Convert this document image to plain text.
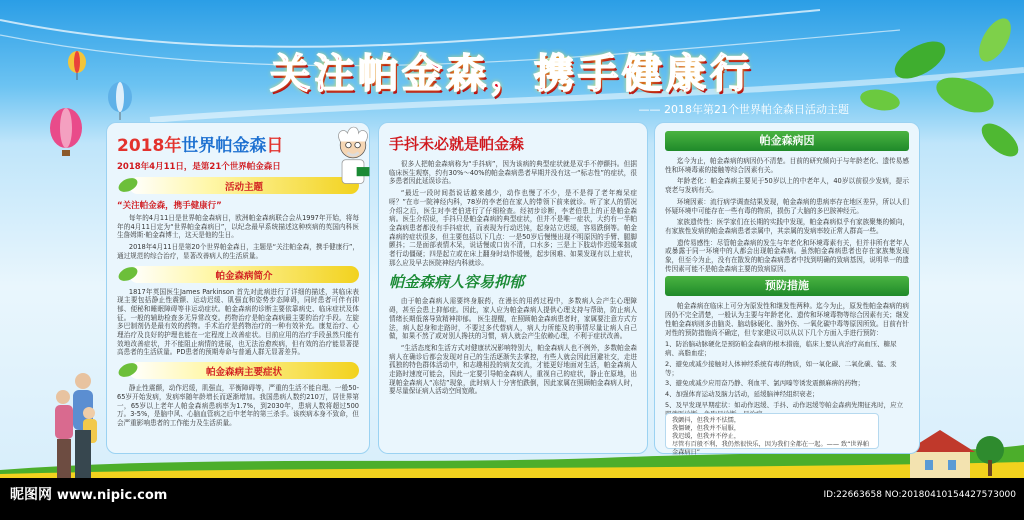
关注帕金森，携手健康行
—— 2018年第21个世界帕金森日活动主题
2018年世界帕金森日
2018年4月11日，是第21个世界帕金森日
活动主题
“关注帕金森，携手健康行”

每年的4月11日是世界帕金森病日，欧洲帕金森病联合会从1997年开始，将每年的4月11日定为“世界帕金森病日”，以纪念最早系统描述这种疾病的英国内科医生詹姆斯·帕金森博士，这天是他的生日。

2018年4月11日是第20个世界帕金森日，主题是“关注帕金森，携手健康行”，通过规范的综合治疗，显著改善病人的生活质量。

帕金森病简介

1817年英国医生James Parkinson 首先对此病进行了详细的描述，其临床表现主要包括静止性震颤、运动迟缓、肌强直和姿势步态障碍，同时患者可伴有抑郁、便秘和睡眠障碍等非运动症状。帕金森病的诊断主要依靠病史、临床症状及体征。一般的辅助检查多无异常改变。药物治疗是帕金森病最主要的治疗手段。左旋多巴制剂仍是最有效的药物。手术治疗是药物治疗的一种有效补充。康复治疗、心理治疗及良好的护理也能在一定程度上改善症状。目前应用的治疗手段虽然只能有效地改善症状，并不能阻止病情的进展，也无法治愈疾病，但有效的治疗能显著提高患者的生活质量。PD患者的预期寿命与普通人群无显著差异。

帕金森病主要症状

静止性震颤，动作迟缓，肌强直，平衡障碍等，严重的生活不能自理。一般50-65岁开始发病，发病率随年龄增长而逐渐增加。我国患病人数约210万，居世界第一，65岁以上老年人帕金森病患病率为1.7%，到2030年，患病人数将超过500万。3-5%，是脑中风、心脑血管病之后中老年的第三杀手。该疾病本身不致命，但会严重影响患者的工作能力及生活质量。

手抖未必就是帕金森

很多人把帕金森病称为“手抖病”，因为该病的典型症状就是双手不停颤抖。但据临床医生观察，约有30%～40%的帕金森病患者早期并没有这一“标志性”的症状，很多患者因此延误诊治。

“最近一段时间指说话越来越少，动作也慢了不少，是不是得了老年痴呆症呀？”在市一院神经内科，78岁的李老伯在家人的带领下前来就诊。听了家人的情况介绍之后，医生对李老伯进行了仔细检查。经初步诊断，李老伯患上的正是帕金森病。医生介绍说，手抖只是帕金森病的典型症状，但并不是唯一症状，大约有一半帕金森病患者都没有手抖症状，而表现为行动迟钝，起身站立迟缓，容易跌倒等。帕金森病的症状很多，但主要包括以下几点：一是50岁后慢慢出现不明原因的手臂、腿脚颤抖；二是面部表情木呆，说话慢或口齿不清，口水多；三是上下肢动作迟缓笨拙或者行动僵硬；四是起立或在床上翻身时动作缓慢，起步困难、如果发现有以上症状，那么应及早去医院神经内科就诊。

帕金森病人容易抑郁

由于帕金森病人需要终身服药，在漫长的用药过程中，多数病人会产生心理障碍，甚至会患上抑郁症。因此，家人应为帕金森病人提供心理支持与帮助，防止病人情绪长期低落导致精神抑郁。 医生提醒，在照顾帕金森病患者时，家属要注意方式方法，病人起身和走路时，不要过多代替病人，病人力所能及的事情尽量让病人自己做，如果不然了或对别人搀扶的习惯，病人就会产生依赖心理，不利于症状改善。

“生活态度和生活方式对健康状况影响特别大，帕金森病人也不例外，多数帕金森病人在确诊后都会发现对自己的生活逐渐失去掌控，有些人就会因此回避社交，走进孤独的特色群体活动中，和志趣相投的病友交流，才能更好地面对生活，帕金森病人走路时速度可能会，因此一定要引导帕金森病人，重视自己的症状，静止在原地，出现帕金森病人“冻结”现象，此时病人十分害怕跌倒，因此家属在照顾帕金森病人时，要尽量保证病人活动空间宽敞。

帕金森病因

迄今为止，帕金森病的病因仍不清楚。目前的研究倾向于与年龄老化、遗传易感性和环境毒素的接触等综合因素有关。

年龄老化：帕金森病主要见于50岁以上的中老年人，40岁以前很少发病，提示衰老与发病有关。

环境因素：流行病学调查结果发现，帕金森病的患病率存在地区差异，所以人们怀疑环境中可能存在一些有毒的物质，损伤了大脑的多巴胺神经元。

家族遗传性：医学家们在长期的实践中发现，帕金森病似乎有家族聚集的倾向，有家族性发病的帕金森病患者亲属中，其亲属的发病率较正常人群高一些。

遗传易感性：尽管帕金森病的发生与年老化和环境毒素有关，但并非所有老年人或暴露于同一环境中的人都会出现帕金森病。虽然帕金森病患者也存在家族集发现象，但至今为止，没有在散发的帕金森病患者中找到明确的致病基因，说明单一的遗传因素可能不是帕金森病主要的致病原因。

预防措施

帕金森病在临床上可分为原发性和继发性两种。迄今为止，原发性帕金森病的病因仍不完全清楚，一般认为主要与年龄老化、遗传和环境毒物等综合因素有关；继发性帕金森病则多由脑炎、脑动脉硬化、脑外伤、一氧化碳中毒等原因所致。目前有针对性的预防措施尚不确定，但专家建议可以从以下几个方面入手进行预防：

1、防治脑动脉硬化是预防帕金森病的根本措施，临床上要认真治疗高血压、糖尿病、高脂血症；
2、避免或减少接触对人体神经系统有毒的物质，如一氧化碳、二氧化碳、锰、汞等；
3、避免或减少应用奋乃静、利血平、氯丙嗪等诱发震颤麻痹的药物；
4、加强体育运动及脑力活动，延缓脑神经组织衰老；
5、及早发现早期症状：如动作迟缓、手抖、动作迟缓等帕金森病先期征兆时，应立
我颤抖，但我并不怯懦，
我僵硬，但我并不屈服，
我迟缓，但我并不停止，
尽管有百般不利，我仍然很快乐，因为我们全都在一起。—— 致“世界帕金森病日”
昵图网 www.nipic.com	ID:22663658 NO:20180410154427573000
